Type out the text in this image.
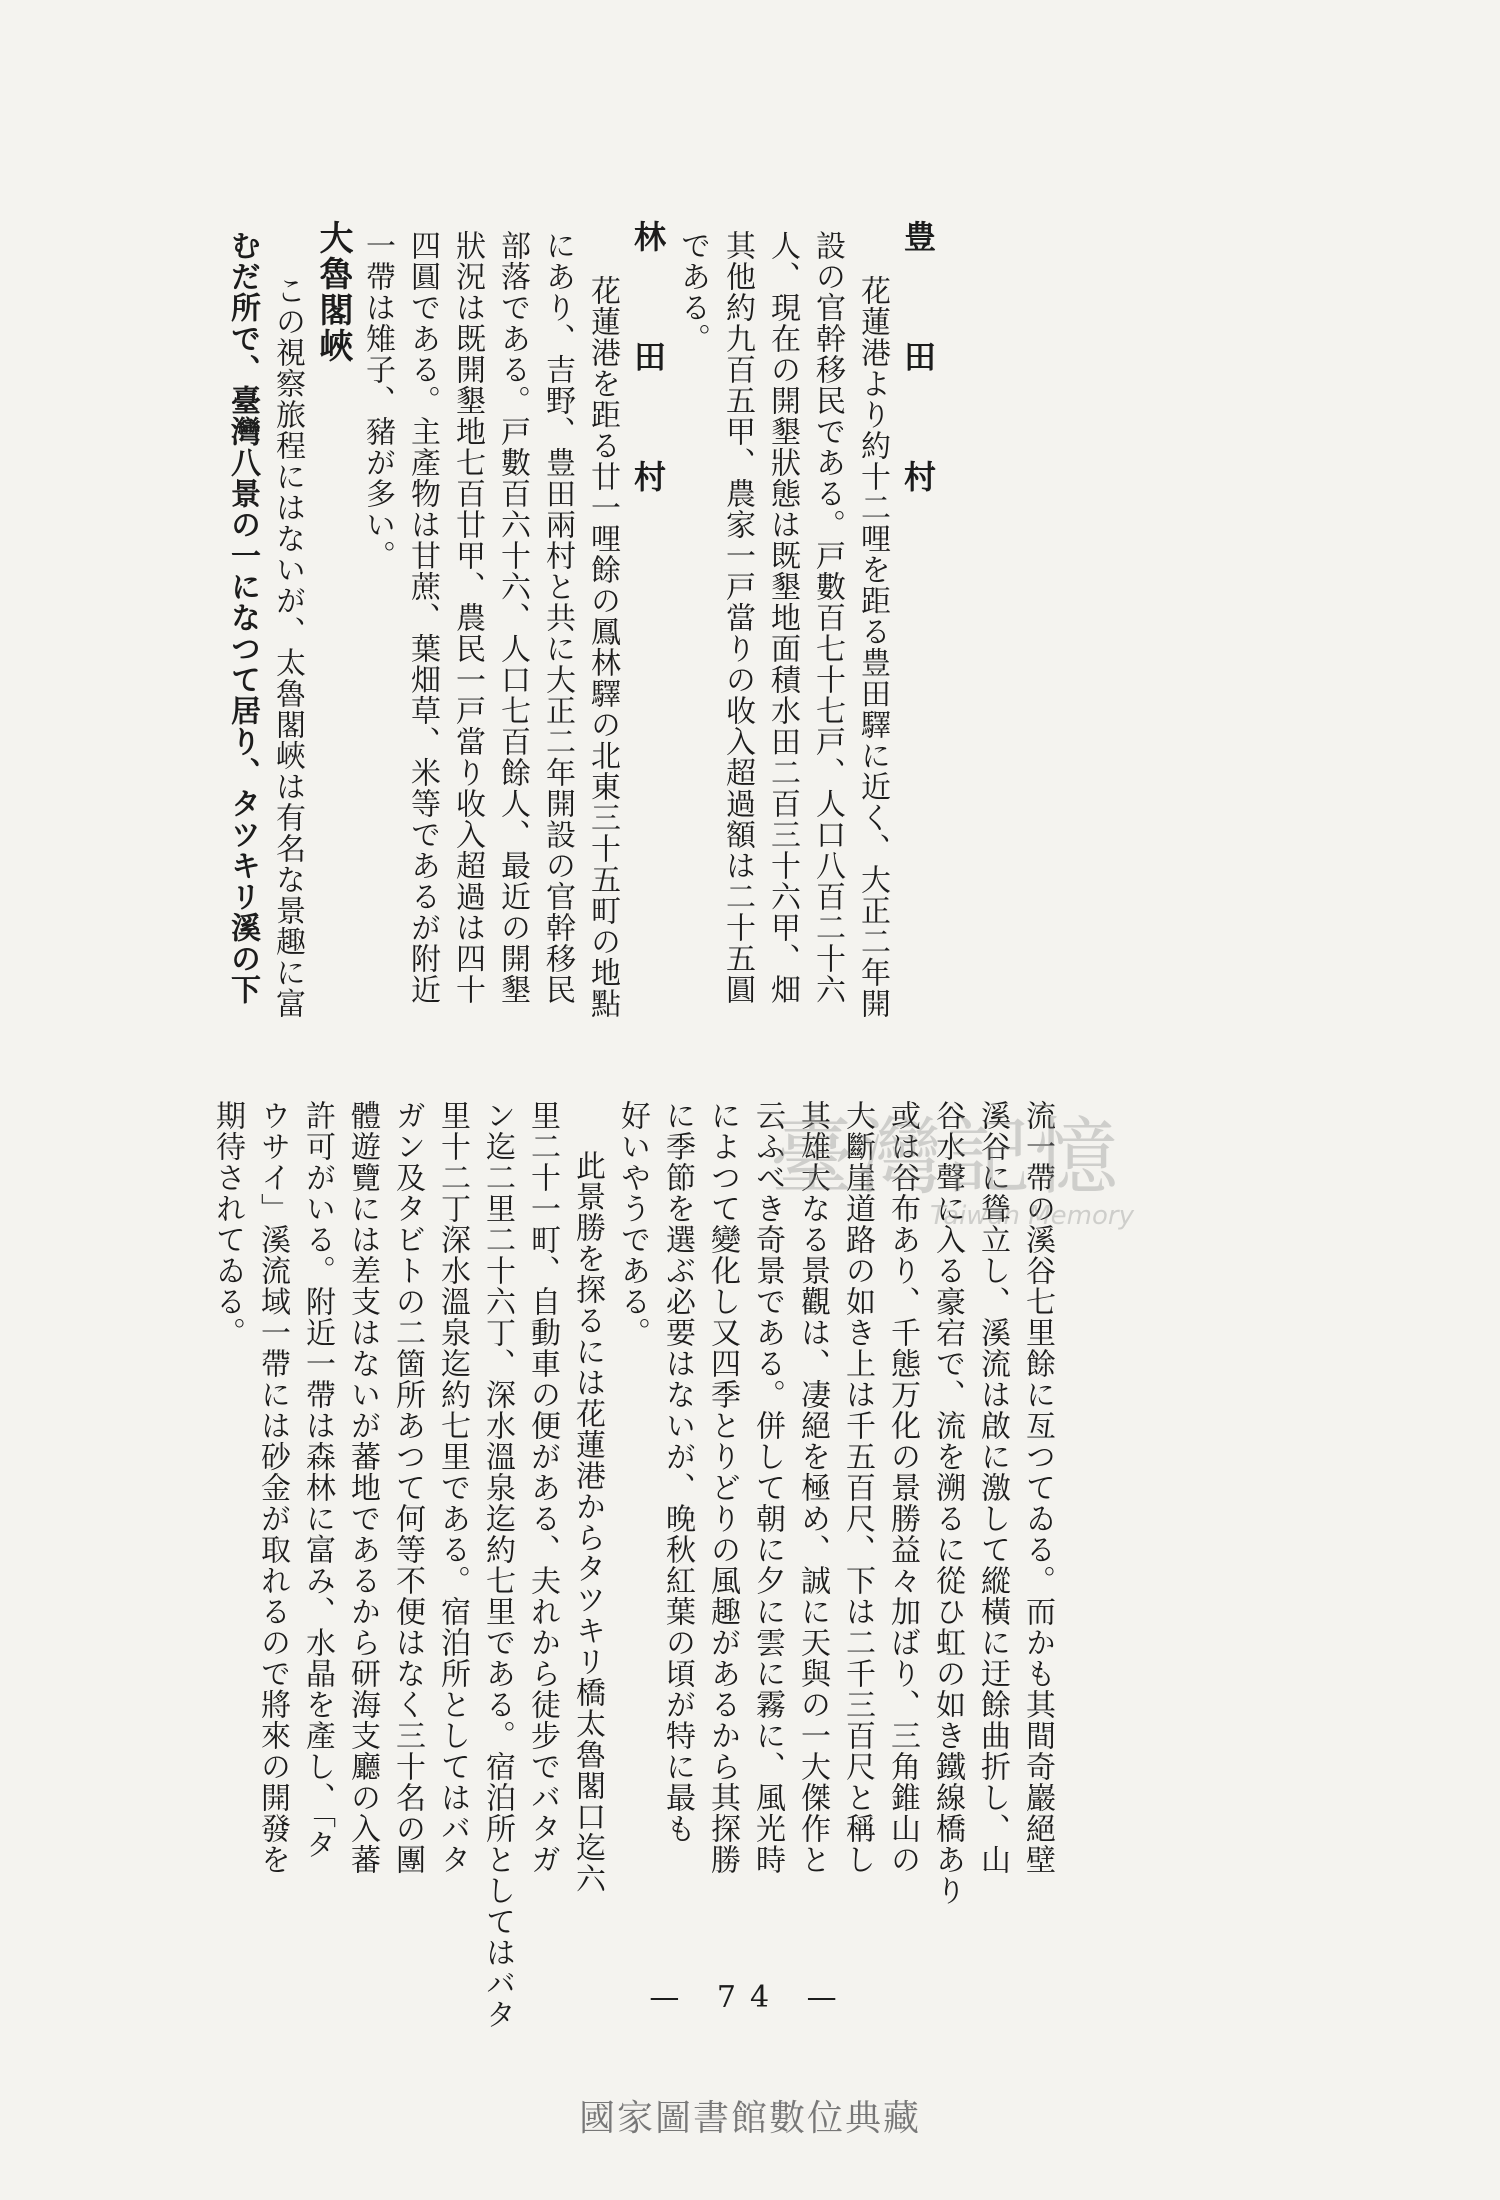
豊　田　村
花蓮港より約十二哩を距る豊田驛に近く、大正二年開
設の官幹移民である。戸數百七十七戸、人口八百二十六
人、現在の開墾狀態は既墾地面積水田二百三十六甲、畑
其他約九百五甲、農家一戸當りの收入超過額は二十五圓
である。
林　田　村
花蓮港を距る廿一哩餘の鳳林驛の北東三十五町の地點
にあり、吉野、豊田兩村と共に大正二年開設の官幹移民
部落である。戸數百六十六、人口七百餘人、最近の開墾
狀況は既開墾地七百廿甲、農民一戸當り收入超過は四十
四圓である。主產物は甘蔗、葉畑草、米等であるが附近
一帶は雉子、豬が多い。
大魯閣峽
この視察旅程にはないが、太魯閣峽は有名な景趣に富
むだ所で、臺灣八景の一になつて居り、タツキリ溪の下
流一帶の溪谷七里餘に亙つてゐる。而かも其間奇巖絕壁
溪谷に聳立し、溪流は啟に激して縱橫に迂餘曲折し、山
谷水聲に入る豪宕で、流を溯るに從ひ虹の如き鐵線橋あり
或は谷布あり、千態万化の景勝益々加ばり、三角錐山の
大斷崖道路の如き上は千五百尺、下は二千三百尺と稱し
其雄大なる景觀は、凄絕を極め、誠に天與の一大傑作と
云ふべき奇景である。併して朝に夕に雲に霧に、風光時
によつて變化し又四季とりどりの風趣があるから其探勝
に季節を選ぶ必要はないが、晚秋紅葉の頃が特に最も
好いやうである。
此景勝を探るには花蓮港からタツキリ橋太魯閣口迄六
里二十一町、自動車の便がある、夫れから徒步でバタガ
ン迄二里二十六丁、深水溫泉迄約七里である。宿泊所としてはバタ
里十二丁深水溫泉迄約七里である。宿泊所としてはバタ
ガン及タビトの二箇所あつて何等不便はなく三十名の團
體遊覽には差支はないが蕃地であるから研海支廳の入蕃
許可がいる。附近一帶は森林に富み、水晶を產し、「タ
ウサイ」溪流域一帶には砂金が取れるので將來の開發を
期待されてゐる。	臺灣記憶
Taiwan Memory
— 74 —
國家圖書館數位典藏
